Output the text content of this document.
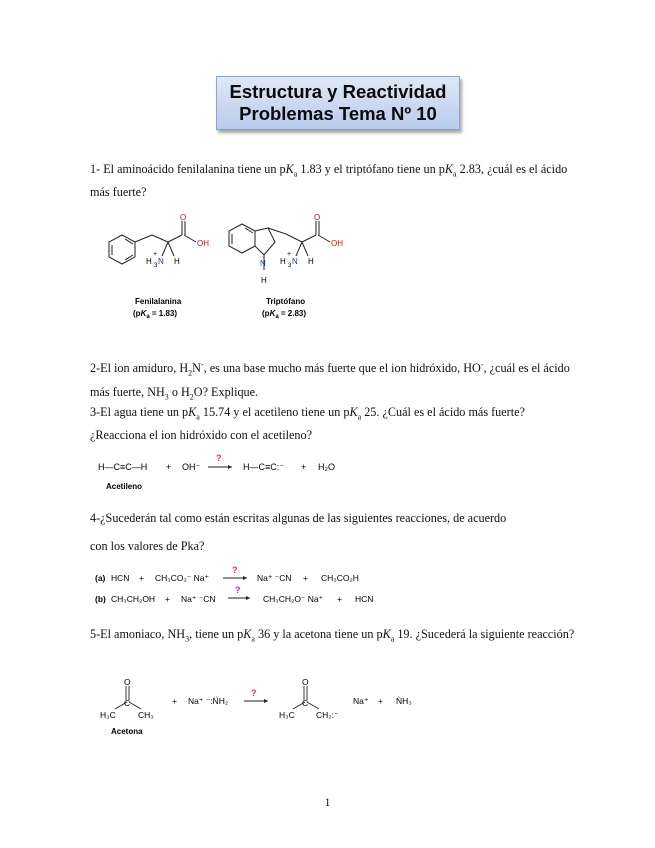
Estructura y Reactividad
Problemas Tema Nº 10
1- El aminoácido fenilalanina tiene un $pK_a$ 1.83 y el triptófano tiene un $pK_a$ 2.83, ¿cuál es el ácido más fuerte?
O
OH
H 3 N
+
H
O
OH
H 3 N
+
H
N
H
Fenilalanina
$(pK_a = 1.83)$
Triptófano
$(pK_a = 2.83)$
2-El ion amiduro, $H_2N^-$, es una base mucho más fuerte que el ion hidróxido, HO-, ¿cuál es el ácido más fuerte, $NH_3$ o $H_2O$? Explique.
3-El agua tiene un $pK_a$ 15.74 y el acetileno tiene un $pK_a$ 25. ¿Cuál es el ácido más fuerte? ¿Reacciona el ion hidróxido con el acetileno?
H—C≡C—H + OH⁻
?
H—C≡C:⁻ + H₂O
Acetileno
4-¿Sucederán tal como están escritas algunas de las siguientes reacciones, de acuerdo
con los valores de Pka?
(a) HCN + CH₃CO₂⁻ Na⁺
?
Na⁺ ⁻CN + CH₃CO₂H
(b) CH₃CH₂OH + Na⁺ ⁻CN
?
CH₃CH₂O⁻ Na⁺ + HCN
5-El amoniaco, $NH_3$, tiene un $pK_a$ 36 y la acetona tiene un $pK_a$ 19. ¿Sucederá la siguiente reacción?
O
C
H₃C	CH₃
+ Na⁺ ⁻:N̈H₂
?
O
C
H₃C	CH₂:⁻
Na⁺ + N̈H₃
Acetona
1
